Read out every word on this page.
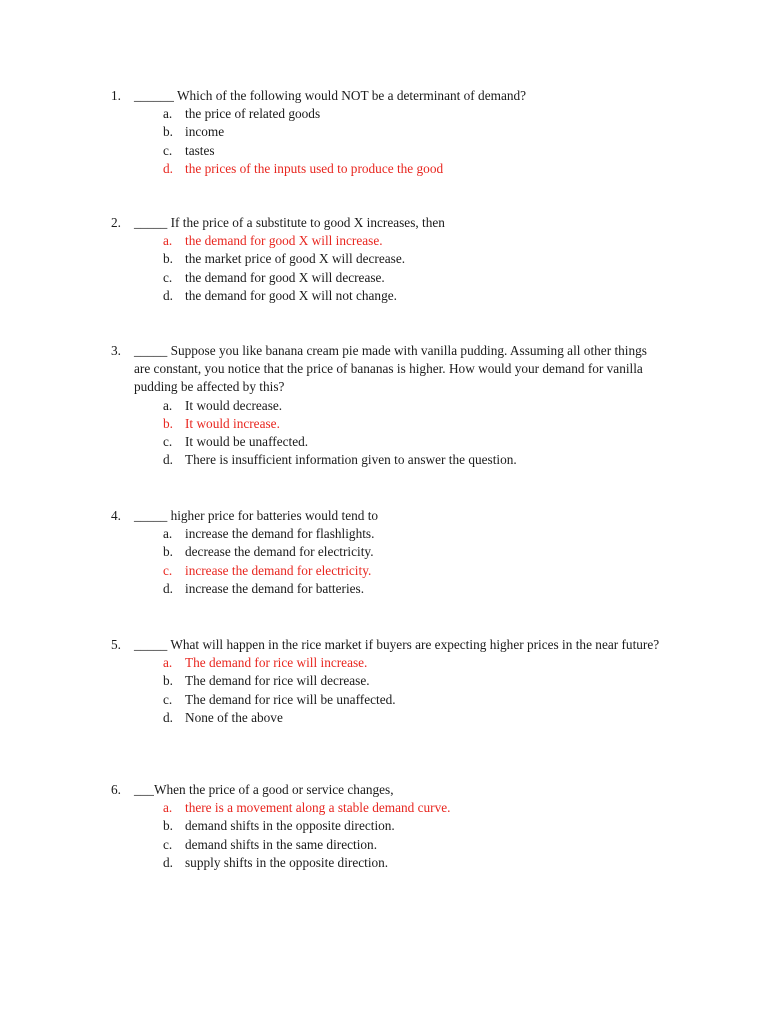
1. ______ Which of the following would NOT be a determinant of demand?
a. the price of related goods
b. income
c. tastes
d. the prices of the inputs used to produce the good
2. _____ If the price of a substitute to good X increases, then
a. the demand for good X will increase.
b. the market price of good X will decrease.
c. the demand for good X will decrease.
d. the demand for good X will not change.
3. _____ Suppose you like banana cream pie made with vanilla pudding. Assuming all other things are constant, you notice that the price of bananas is higher. How would your demand for vanilla pudding be affected by this?
a. It would decrease.
b. It would increase.
c. It would be unaffected.
d. There is insufficient information given to answer the question.
4. _____ higher price for batteries would tend to
a. increase the demand for flashlights.
b. decrease the demand for electricity.
c. increase the demand for electricity.
d. increase the demand for batteries.
5. _____ What will happen in the rice market if buyers are expecting higher prices in the near future?
a. The demand for rice will increase.
b. The demand for rice will decrease.
c. The demand for rice will be unaffected.
d. None of the above
6. ___When the price of a good or service changes,
a. there is a movement along a stable demand curve.
b. demand shifts in the opposite direction.
c. demand shifts in the same direction.
d. supply shifts in the opposite direction.
